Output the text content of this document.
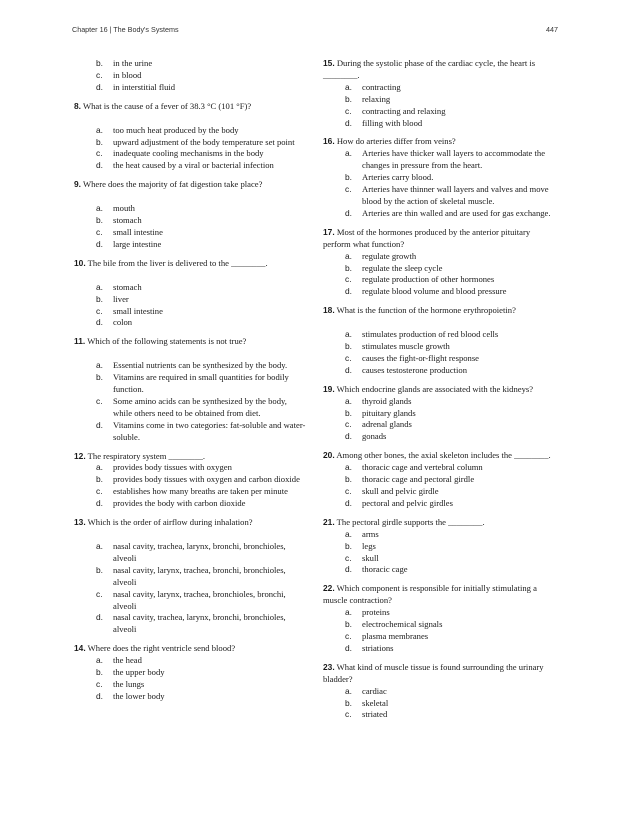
Chapter 16 | The Body's Systems	447
b.	in the urine
c.	in blood
d.	in interstitial fluid

8. What is the cause of a fever of 38.3 °C (101 °F)?

a.	too much heat produced by the body
b.	upward adjustment of the body temperature set point
c.	inadequate cooling mechanisms in the body
d.	the heat caused by a viral or bacterial infection

9. Where does the majority of fat digestion take place?

a.	mouth
b.	stomach
c.	small intestine
d.	large intestine

10. The bile from the liver is delivered to the ________.

a.	stomach
b.	liver
c.	small intestine
d.	colon

11. Which of the following statements is not true?

a.	Essential nutrients can be synthesized by the body.
b.	Vitamins are required in small quantities for bodily function.
c.	Some amino acids can be synthesized by the body, while others need to be obtained from diet.
d.	Vitamins come in two categories: fat-soluble and water-soluble.

12. The respiratory system ________.

a.	provides body tissues with oxygen
b.	provides body tissues with oxygen and carbon dioxide
c.	establishes how many breaths are taken per minute
d.	provides the body with carbon dioxide

13. Which is the order of airflow during inhalation?

a.	nasal cavity, trachea, larynx, bronchi, bronchioles, alveoli
b.	nasal cavity, larynx, trachea, bronchi, bronchioles, alveoli
c.	nasal cavity, larynx, trachea, bronchioles, bronchi, alveoli
d.	nasal cavity, trachea, larynx, bronchi, bronchioles, alveoli

14. Where does the right ventricle send blood?

a.	the head
b.	the upper body
c.	the lungs
d.	the lower body

15. During the systolic phase of the cardiac cycle, the heart is ________.

a.	contracting
b.	relaxing
c.	contracting and relaxing
d.	filling with blood

16. How do arteries differ from veins?

a.	Arteries have thicker wall layers to accommodate the changes in pressure from the heart.
b.	Arteries carry blood.
c.	Arteries have thinner wall layers and valves and move blood by the action of skeletal muscle.
d.	Arteries are thin walled and are used for gas exchange.

17. Most of the hormones produced by the anterior pituitary perform what function?

a.	regulate growth
b.	regulate the sleep cycle
c.	regulate production of other hormones
d.	regulate blood volume and blood pressure

18. What is the function of the hormone erythropoietin?

a.	stimulates production of red blood cells
b.	stimulates muscle growth
c.	causes the fight-or-flight response
d.	causes testosterone production

19. Which endocrine glands are associated with the kidneys?

a.	thyroid glands
b.	pituitary glands
c.	adrenal glands
d.	gonads

20. Among other bones, the axial skeleton includes the ________.

a.	thoracic cage and vertebral column
b.	thoracic cage and pectoral girdle
c.	skull and pelvic girdle
d.	pectoral and pelvic girdles

21. The pectoral girdle supports the ________.

a.	arms
b.	legs
c.	skull
d.	thoracic cage

22. Which component is responsible for initially stimulating a muscle contraction?

a.	proteins
b.	electrochemical signals
c.	plasma membranes
d.	striations

23. What kind of muscle tissue is found surrounding the urinary bladder?

a.	cardiac
b.	skeletal
c.	striated
